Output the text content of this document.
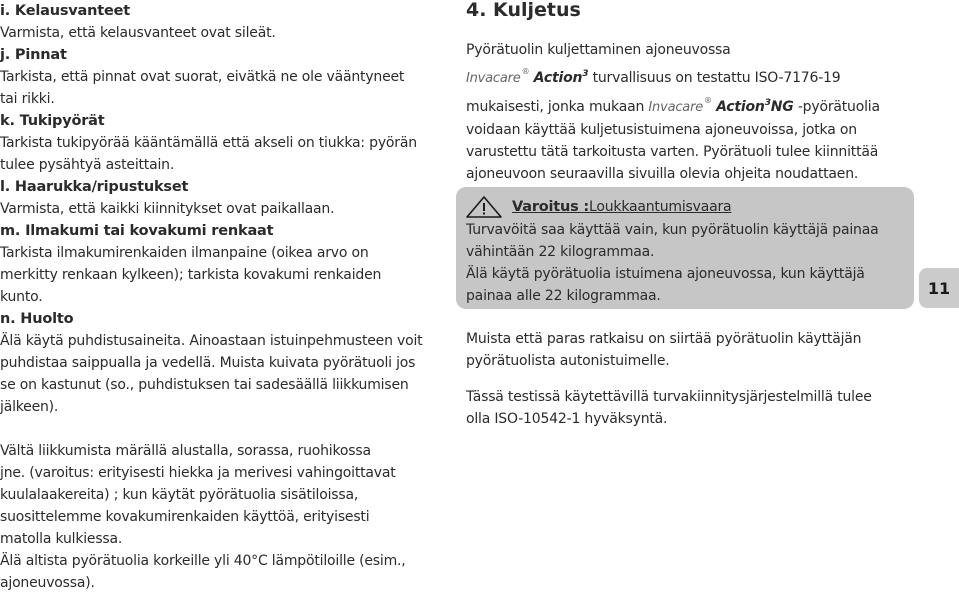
i. Kelausvanteet
Varmista, että kelausvanteet ovat sileät.
j. Pinnat
Tarkista, että pinnat ovat suorat, eivätkä ne ole vääntyneet
tai rikki.
k. Tukipyörät
Tarkista tukipyörää kääntämällä että akseli on tiukka: pyörän
tulee pysähtyä asteittain.
l. Haarukka/ripustukset
Varmista, että kaikki kiinnitykset ovat paikallaan.
m. Ilmakumi tai kovakumi renkaat
Tarkista ilmakumirenkaiden ilmanpaine (oikea arvo on
merkitty renkaan kylkeen); tarkista kovakumi renkaiden
kunto.
n. Huolto
Älä käytä puhdistusaineita. Ainoastaan istuinpehmusteen voit
puhdistaa saippualla ja vedellä. Muista kuivata pyörätuoli jos
se on kastunut (so., puhdistuksen tai sadesäällä liikkumisen
jälkeen).
Vältä liikkumista märällä alustalla, sorassa, ruohikossa
jne. (varoitus: erityisesti hiekka ja merivesi vahingoittavat
kuulalaakereita) ; kun käytät pyörätuolia sisätiloissa,
suosittelemme kovakumirenkaiden käyttöä, erityisesti
matolla kulkiessa.
Älä altista pyörätuolia korkeille yli 40°C lämpötiloille (esim.,
ajoneuvossa).
4. Kuljetus
Pyörätuolin kuljettaminen ajoneuvossa
Invacare® Action$^3$ turvallisuus on testattu ISO-7176-19
mukaisesti, jonka mukaan Invacare® Action$^3$NG -pyörätuolia
voidaan käyttää kuljetusistuimena ajoneuvoissa, jotka on
varustettu tätä tarkoitusta varten. Pyörätuoli tulee kiinnittää
ajoneuvoon seuraavilla sivuilla olevia ohjeita noudattaen.
Varoitus : Loukkaantumisvaara
Turvavöitä saa käyttää vain, kun pyörätuolin käyttäjä painaa
vähintään 22 kilogrammaa.
Älä käytä pyörätuolia istuimena ajoneuvossa, kun käyttäjä
painaa alle 22 kilogrammaa.
Muista että paras ratkaisu on siirtää pyörätuolin käyttäjän
pyörätuolista autonistuimelle.
Tässä testissä käytettävillä turvakiinnitysjärjestelmillä tulee
olla ISO-10542-1 hyväksyntä.
11
